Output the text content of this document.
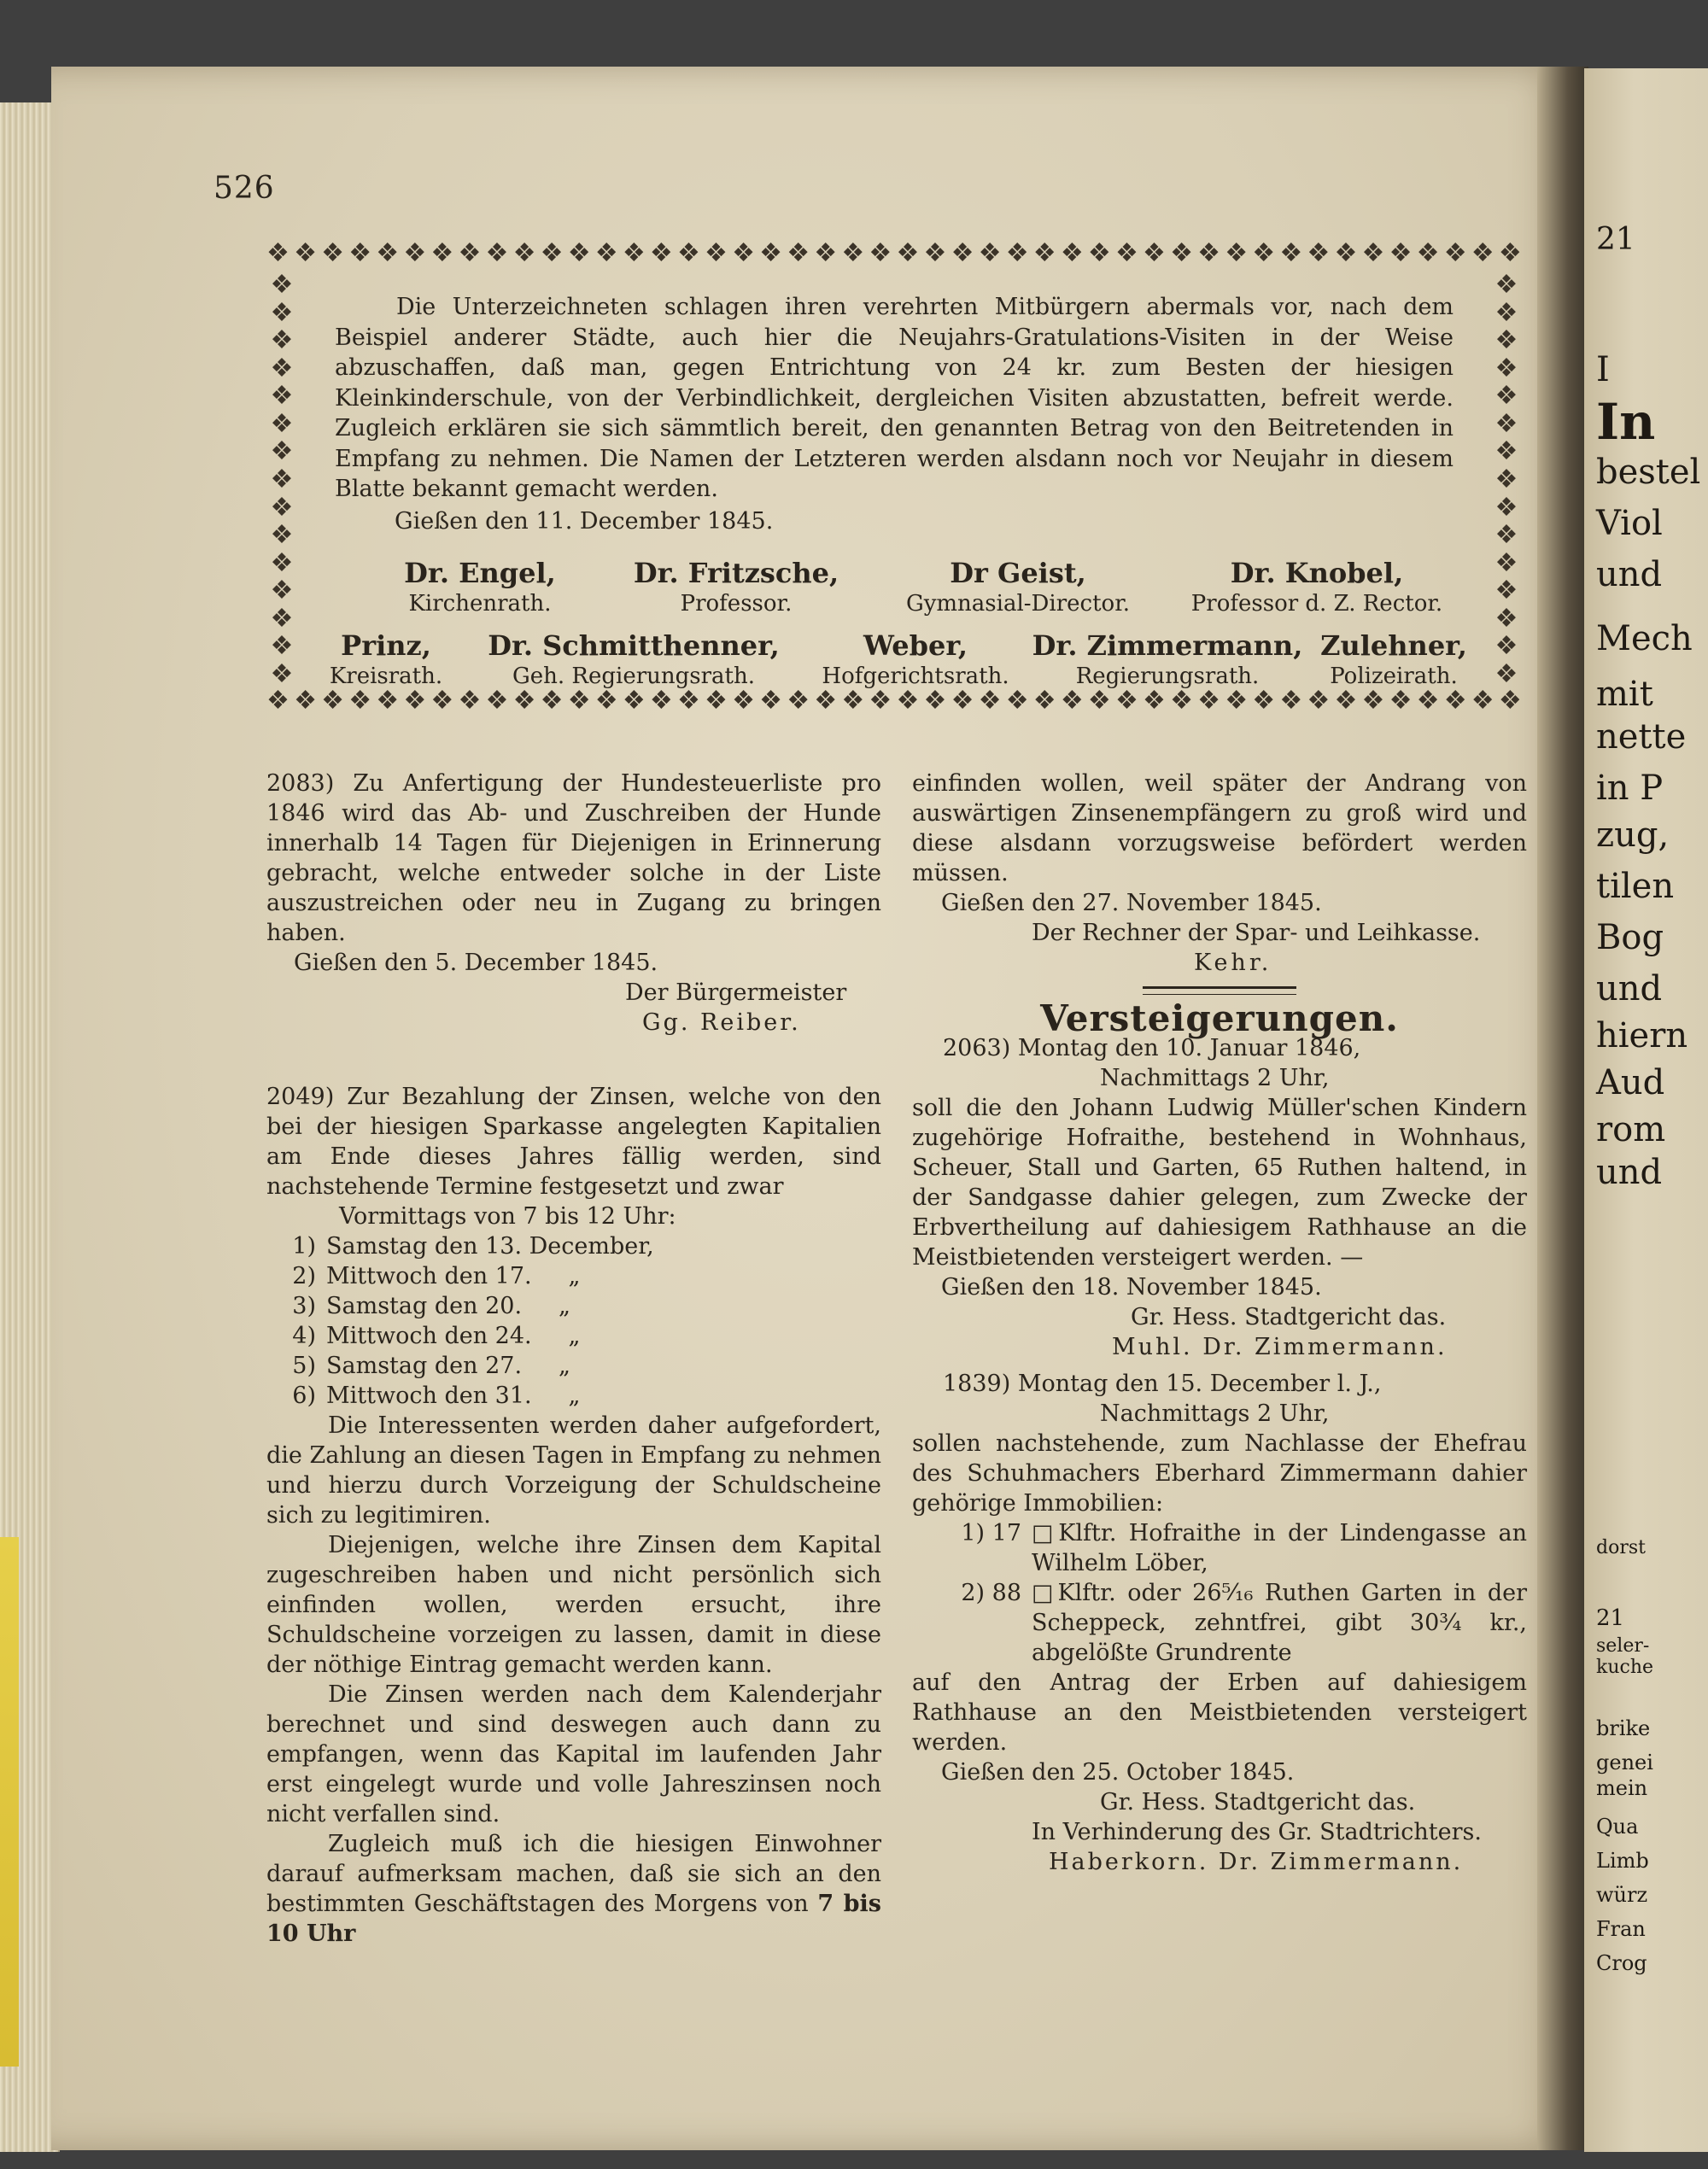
21
I
In
bestel
Viol
und
Mech
mit
nette
in P
zug,
tilen
Bog
und
hiern
Aud
rom
und
dorst
21
seler-
kuche
brike
genei
mein
Qua
Limb
würz
Fran
Crog
526
❖ ❖ ❖ ❖ ❖ ❖ ❖ ❖ ❖ ❖ ❖ ❖ ❖ ❖ ❖ ❖ ❖ ❖ ❖ ❖ ❖ ❖ ❖ ❖ ❖ ❖ ❖ ❖ ❖ ❖ ❖ ❖ ❖ ❖ ❖ ❖ ❖ ❖ ❖ ❖ ❖ ❖ ❖ ❖ ❖ ❖
❖ ❖ ❖ ❖ ❖ ❖ ❖ ❖ ❖ ❖ ❖ ❖ ❖ ❖ ❖ ❖ ❖ ❖ ❖ ❖ ❖ ❖ ❖ ❖ ❖ ❖ ❖ ❖ ❖ ❖ ❖ ❖ ❖ ❖ ❖ ❖ ❖ ❖ ❖ ❖ ❖ ❖ ❖ ❖ ❖ ❖
❖
❖
❖
❖
❖
❖
❖
❖
❖
❖
❖
❖
❖
❖
❖
❖
❖
❖
❖
❖
❖
❖
❖
❖
❖
❖
❖
❖
❖
❖

Die Unterzeichneten schlagen ihren verehrten Mitbürgern abermals vor, nach dem Beispiel anderer Städte, auch hier die Neujahrs-Gratulations-Visiten in der Weise abzuschaffen, daß man, gegen Entrichtung von 24 kr. zum Besten der hiesigen Kleinkinderschule, von der Verbindlichkeit, dergleichen Visiten abzustatten, befreit werde. Zugleich erklären sie sich sämmtlich bereit, den genannten Betrag von den Beitretenden in Empfang zu nehmen. Die Namen der Letzteren werden alsdann noch vor Neujahr in diesem Blatte bekannt gemacht werden.

Gießen den 11. December 1845.

Dr. Engel,
Kirchenrath.
Dr. Fritzsche,
Professor.
Dr Geist,
Gymnasial-Director.
Dr. Knobel,
Professor d. Z. Rector.
Prinz,
Kreisrath.
Dr. Schmitthenner,
Geh. Regierungsrath.
Weber,
Hofgerichtsrath.
Dr. Zimmermann,
Regierungsrath.
Zulehner,
Polizeirath.

2083) Zu Anfertigung der Hundesteuerliste pro 1846 wird das Ab- und Zuschreiben der Hunde innerhalb 14 Tagen für Diejenigen in Erinnerung gebracht, welche entweder solche in der Liste auszustreichen oder neu in Zugang zu bringen haben.

Gießen den 5. December 1845.

Der Bürgermeister

Gg. Reiber.

2049) Zur Bezahlung der Zinsen, welche von den bei der hiesigen Sparkasse angelegten Kapitalien am Ende dieses Jahres fällig werden, sind nachstehende Termine festgesetzt und zwar

Vormittags von 7 bis 12 Uhr:

1) Samstag den 13. December,
2) Mittwoch den 17.     „
3) Samstag den 20.     „
4) Mittwoch den 24.     „
5) Samstag den 27.     „
6) Mittwoch den 31.     „

Die Interessenten werden daher aufgefordert, die Zahlung an diesen Tagen in Empfang zu nehmen und hierzu durch Vorzeigung der Schuldscheine sich zu legitimiren.

Diejenigen, welche ihre Zinsen dem Kapital zugeschreiben haben und nicht persönlich sich einfinden wollen, werden ersucht, ihre Schuldscheine vorzeigen zu lassen, damit in diese der nöthige Eintrag gemacht werden kann.

Die Zinsen werden nach dem Kalenderjahr berechnet und sind deswegen auch dann zu empfangen, wenn das Kapital im laufenden Jahr erst eingelegt wurde und volle Jahreszinsen noch nicht verfallen sind.

Zugleich muß ich die hiesigen Einwohner darauf aufmerksam machen, daß sie sich an den bestimmten Geschäftstagen des Morgens von 7 bis 10 Uhr

einfinden wollen, weil später der Andrang von auswärtigen Zinsenempfängern zu groß wird und diese alsdann vorzugsweise befördert werden müssen.

Gießen den 27. November 1845.

Der Rechner der Spar- und Leihkasse.

Kehr.

Versteigerungen.

2063) Montag den 10. Januar 1846,

Nachmittags 2 Uhr,

soll die den Johann Ludwig Müller'schen Kindern zugehörige Hofraithe, bestehend in Wohnhaus, Scheuer, Stall und Garten, 65 Ruthen haltend, in der Sandgasse dahier gelegen, zum Zwecke der Erbvertheilung auf dahiesigem Rathhause an die Meistbietenden versteigert werden. —

Gießen den 18. November 1845.

Gr. Hess. Stadtgericht das.

Muhl. Dr. Zimmermann.

1839) Montag den 15. December l. J.,

Nachmittags 2 Uhr,

sollen nachstehende, zum Nachlasse der Ehefrau des Schuhmachers Eberhard Zimmermann dahier gehörige Immobilien:

1) 17 □Klftr. Hofraithe in der Lindengasse an Wilhelm Löber,
2) 88 □Klftr. oder 26⁵⁄₁₆ Ruthen Garten in der Scheppeck, zehntfrei, gibt 30³⁄₄ kr., abgelößte Grundrente

auf den Antrag der Erben auf dahiesigem Rathhause an den Meistbietenden versteigert werden.

Gießen den 25. October 1845.

Gr. Hess. Stadtgericht das.

In Verhinderung des Gr. Stadtrichters.

Haberkorn. Dr. Zimmermann.
